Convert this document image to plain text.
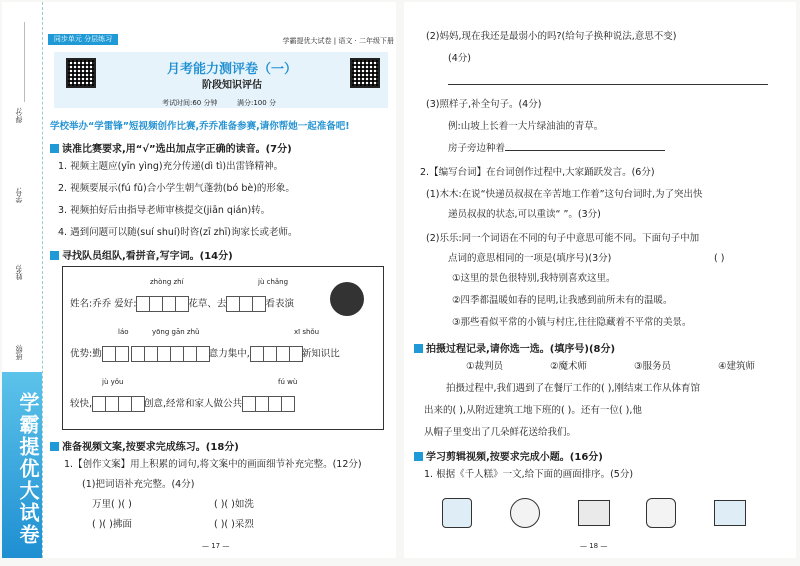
得分:
学号:
姓名:
班级:
学霸提优大试卷
同步单元 分层练习	学霸提优大试卷 | 语文 · 二年级下册
月考能力测评卷（一）
阶段知识评估
考试时间:60 分钟	满分:100 分
学校举办“学雷锋”短视频创作比赛,乔乔准备参赛,请你帮她一起准备吧!
读准比赛要求,用“√”选出加点字正确的读音。(7分)
1. 视频主题应(yīn yìng)充分传递(dì tì)出雷锋精神。
2. 视频要展示(fú fǔ)合小学生朝气蓬勃(bó bè)的形象。
3. 视频拍好后由指导老师审核提交(jiān qián)转。
4. 遇到问题可以随(suí shuí)时咨(zī zhī)询家长或老师。
寻找队员组队,看拼音,写字词。(14分)
zhòng zhí	jù chǎng
姓名:乔乔 爱好:	花草、去	看表演
láo	yōng gān zhǔ	xī shǒu
优势:勤	意力集中,	新知识比
jù yǒu	fú wù
较快,	创意,经常和家人做公共
准备视频文案,按要求完成练习。(18分)
1.【创作文案】用上积累的词句,将文案中的画面细节补充完整。(12分)
(1)把词语补充完整。(4分)
万里( )( )	( )( )如洗
( )( )拂面	( )( )采烈
— 17 —
(2)妈妈,现在我还是最弱小的吗?(给句子换种说法,意思不变)
(4分)
(3)照样子,补全句子。(4分)
例:山坡上长着一大片绿油油的青草。
房子旁边种着
2.【编写台词】在台词创作过程中,大家踊跃发言。(6分)
(1)木木:在说“快递员叔叔在辛苦地工作着”这句台词时,为了突出快
递员叔叔的状态,可以重读“ ”。(3分)
(2)乐乐:同一个词语在不同的句子中意思可能不同。下面句子中加
点词的意思相同的一项是(填序号)(3分)	( )
①这里的景色很特别,我特别喜欢这里。
②四季都温暖如春的昆明,让我感到前所未有的温暖。
③那些看似平常的小镇与村庄,往往隐藏着不平常的美景。
拍摄过程记录,请你选一选。(填序号)(8分)
①裁判员	②魔术师	③服务员	④建筑师
拍摄过程中,我们遇到了在餐厅工作的( ),刚结束工作从体育馆
出来的( ),从附近建筑工地下班的( )。还有一位( ),他
从帽子里变出了几朵鲜花送给我们。
学习剪辑视频,按要求完成小题。(16分)
1. 根据《千人糕》一文,给下面的画面排序。(5分)
— 18 —
